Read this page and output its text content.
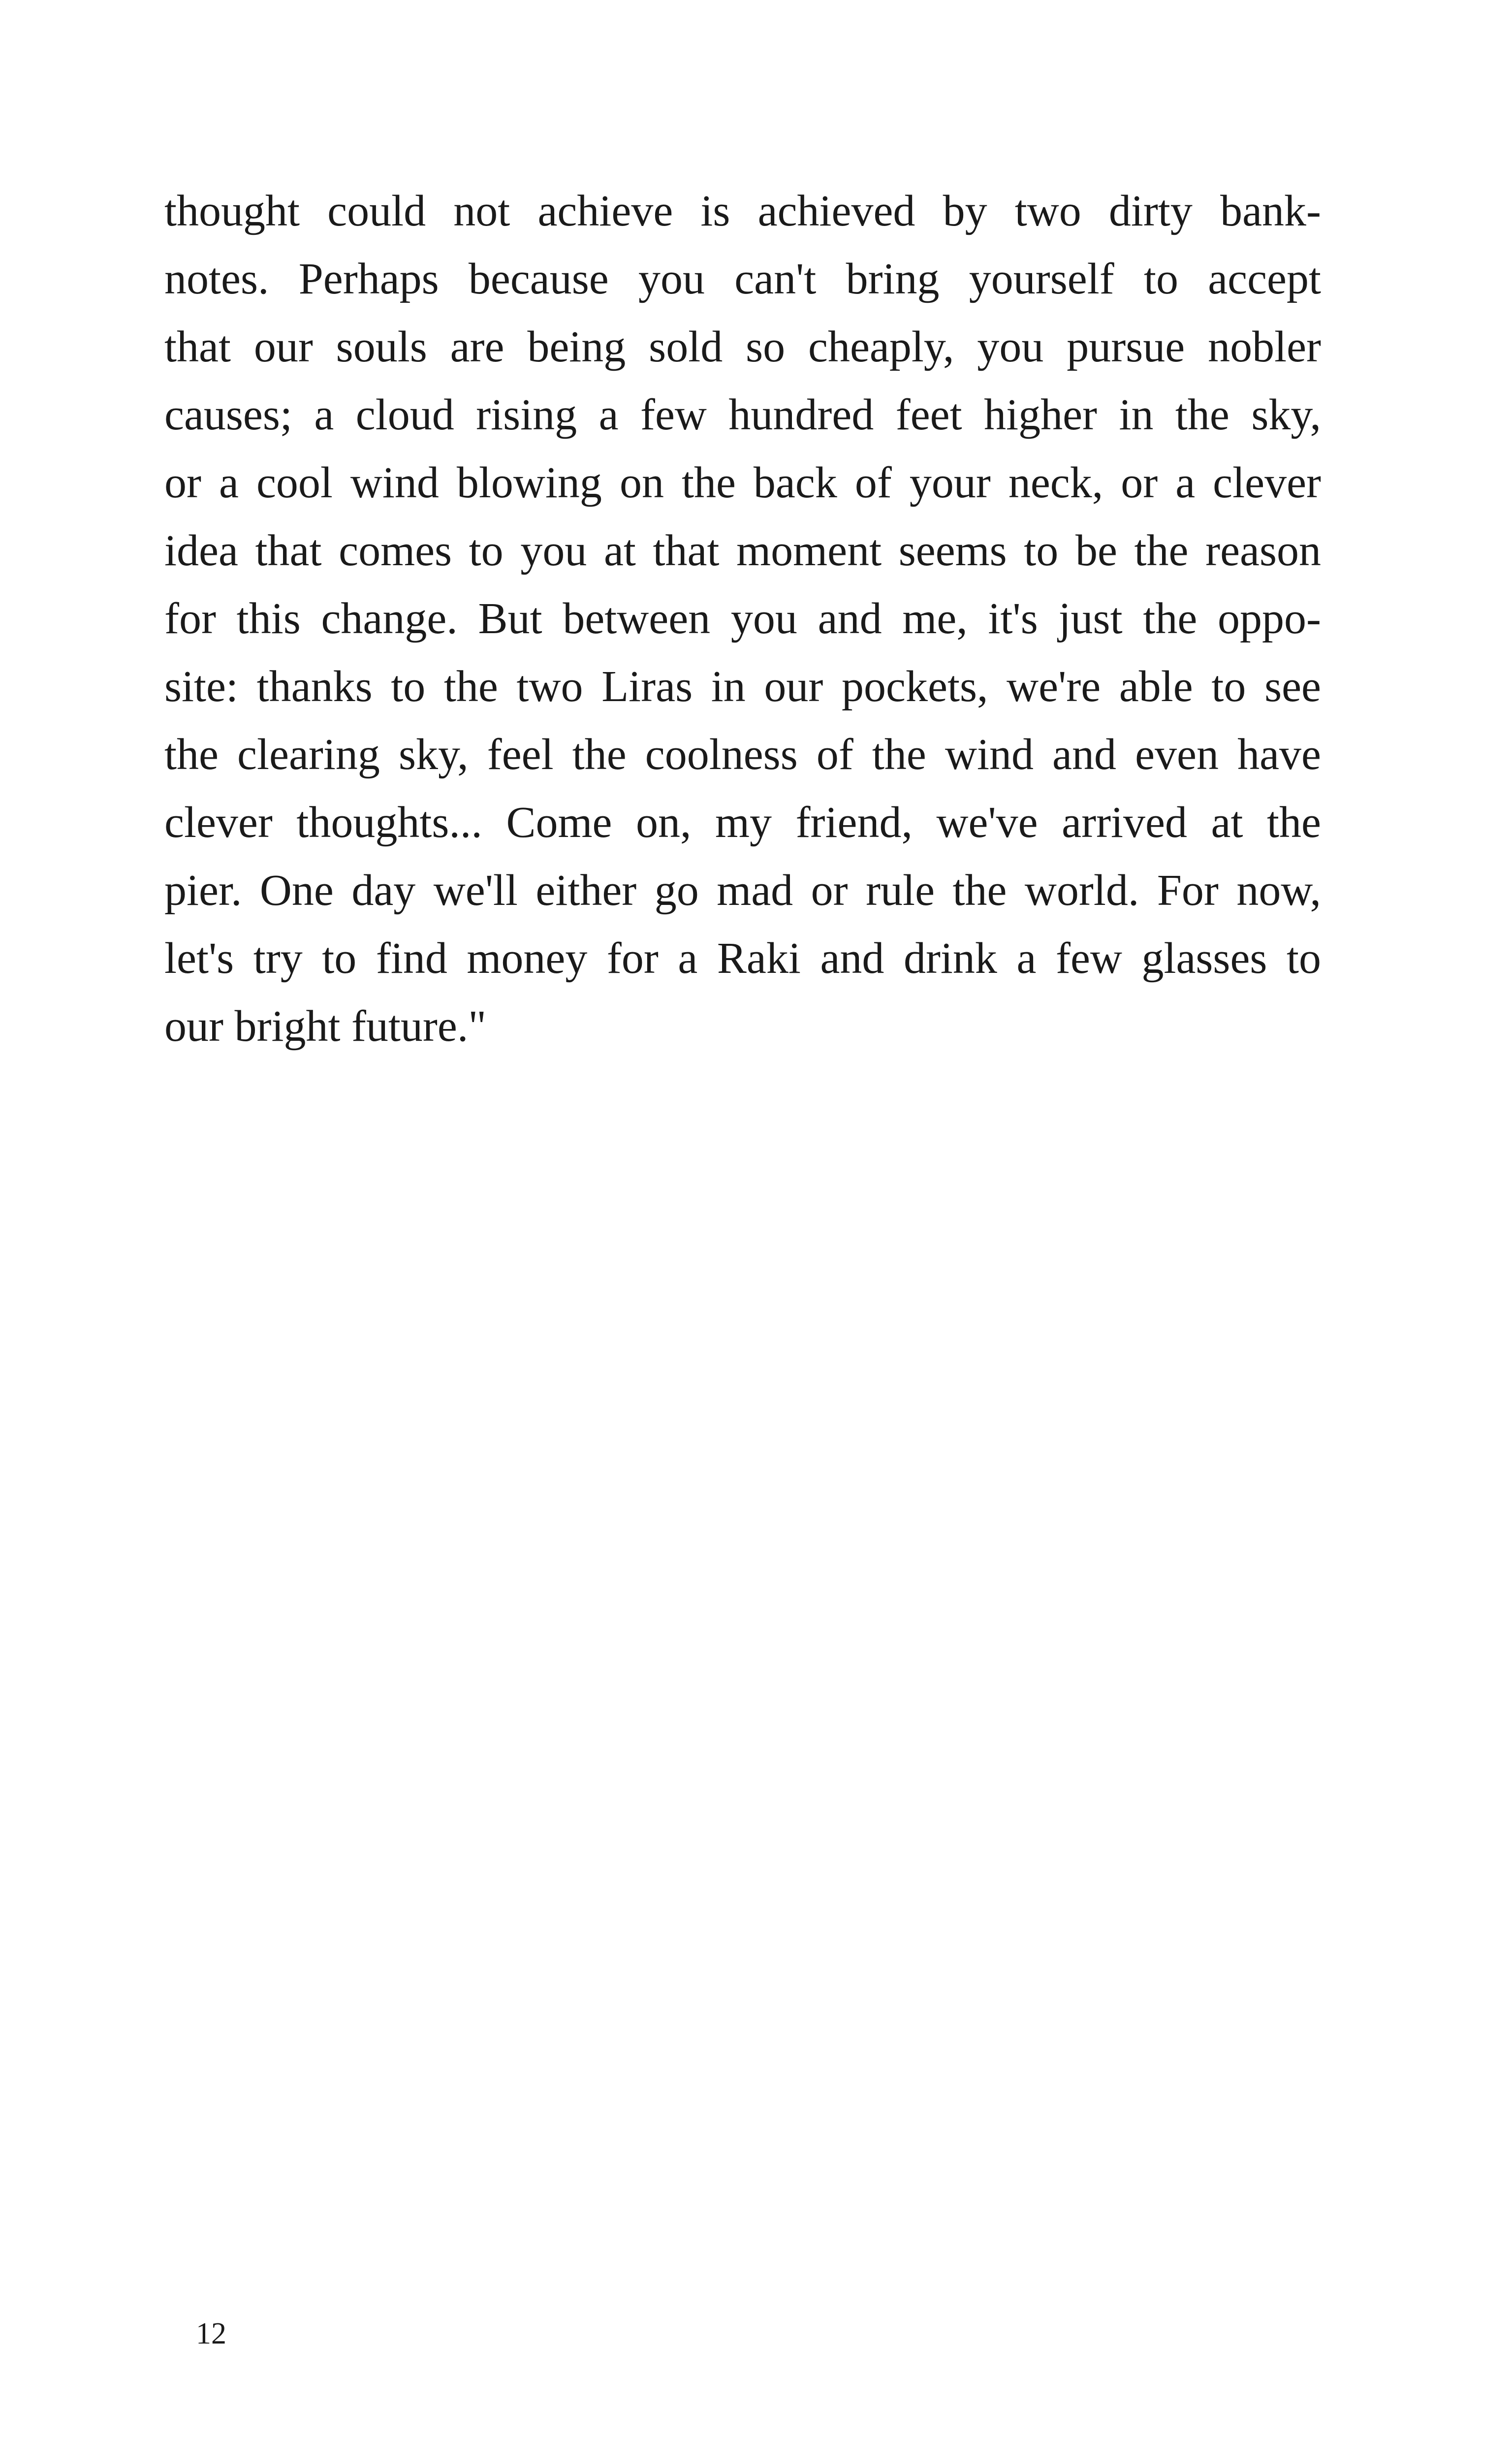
thought could not achieve is achieved by two dirty bank-
notes. Perhaps because you can't bring yourself to accept
that our souls are being sold so cheaply, you pursue nobler
causes; a cloud rising a few hundred feet higher in the sky,
or a cool wind blowing on the back of your neck, or a clever
idea that comes to you at that moment seems to be the reason
for this change. But between you and me, it's just the oppo-
site: thanks to the two Liras in our pockets, we're able to see
the clearing sky, feel the coolness of the wind and even have
clever thoughts... Come on, my friend, we've arrived at the
pier. One day we'll either go mad or rule the world. For now,
let's try to find money for a Raki and drink a few glasses to
our bright future."

12
